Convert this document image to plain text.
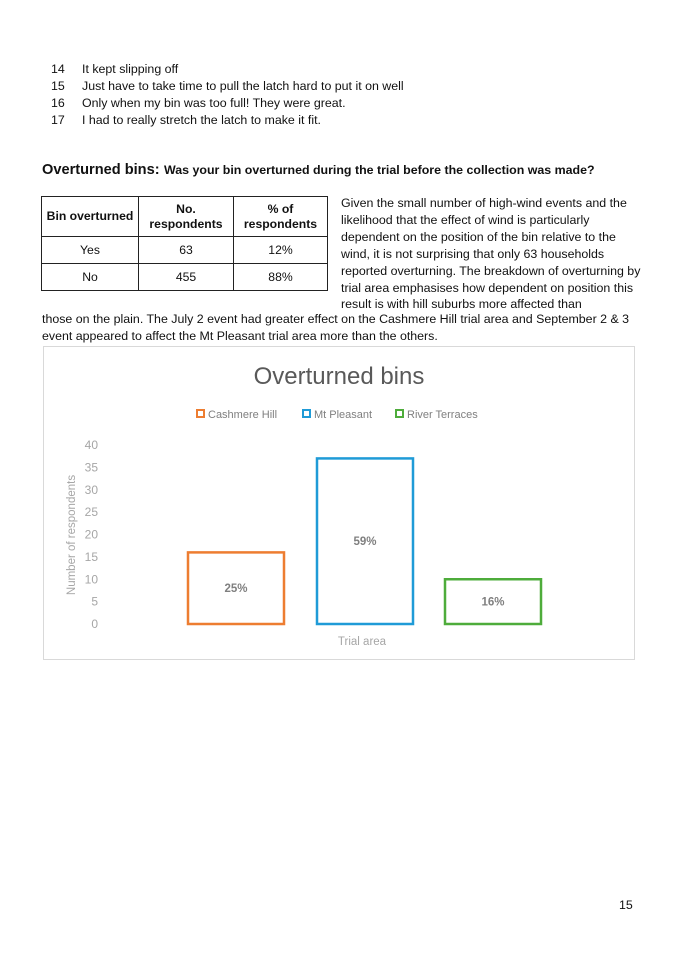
14	It kept slipping off
15	Just have to take time to pull the latch hard to put it on well
16	Only when my bin was too full! They were great.
17	I had to really stretch the latch to make it fit.
Overturned bins: Was your bin overturned during the trial before the collection was made?
Bin overturned	No. respondents	% of respondents
Yes	63	12%
No	455	88%
Given the small number of high-wind events and the likelihood that the effect of wind is particularly dependent on the position of the bin relative to the wind, it is not surprising that only 63 households reported overturning. The breakdown of overturning by trial area emphasises how dependent on position this result is with hill suburbs more affected than
those on the plain. The July 2 event had greater effect on the Cashmere Hill trial area and September 2 & 3 event appeared to affect the Mt Pleasant trial area more than the others.
Overturned bins
Cashmere Hill	Mt Pleasant	River Terraces
0
5
10
15
20
25
30
35
40
Number of respondents
Trial area
25%
59%
16%
15
